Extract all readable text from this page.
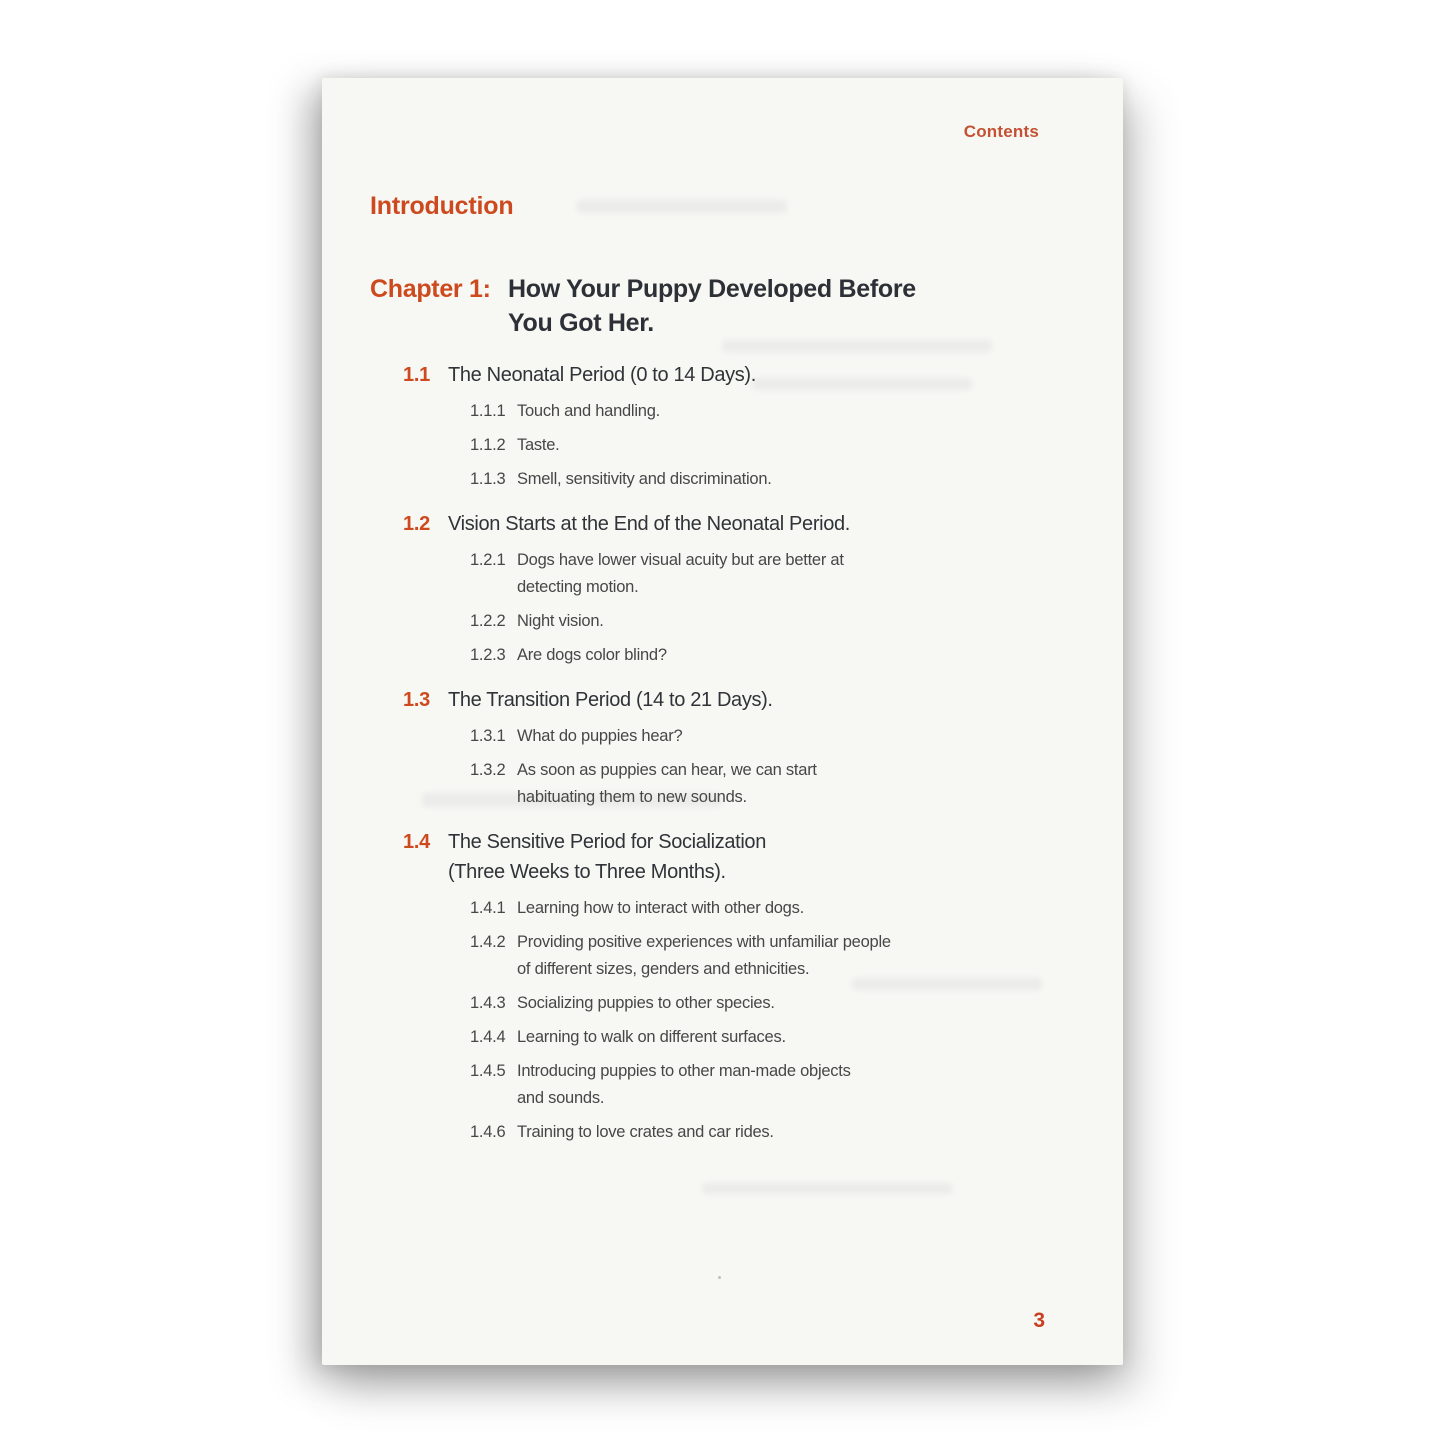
Contents
Introduction
Chapter 1: How Your Puppy Developed Before
You Got Her.
1.1 The Neonatal Period (0 to 14 Days).
1.1.1 Touch and handling.
1.1.2 Taste.
1.1.3 Smell, sensitivity and discrimination.
1.2 Vision Starts at the End of the Neonatal Period.
1.2.1 Dogs have lower visual acuity but are better at
detecting motion.
1.2.2 Night vision.
1.2.3 Are dogs color blind?
1.3 The Transition Period (14 to 21 Days).
1.3.1 What do puppies hear?
1.3.2 As soon as puppies can hear, we can start
habituating them to new sounds.
1.4 The Sensitive Period for Socialization
(Three Weeks to Three Months).
1.4.1 Learning how to interact with other dogs.
1.4.2 Providing positive experiences with unfamiliar people
of different sizes, genders and ethnicities.
1.4.3 Socializing puppies to other species.
1.4.4 Learning to walk on different surfaces.
1.4.5 Introducing puppies to other man-made objects
and sounds.
1.4.6 Training to love crates and car rides.
3
